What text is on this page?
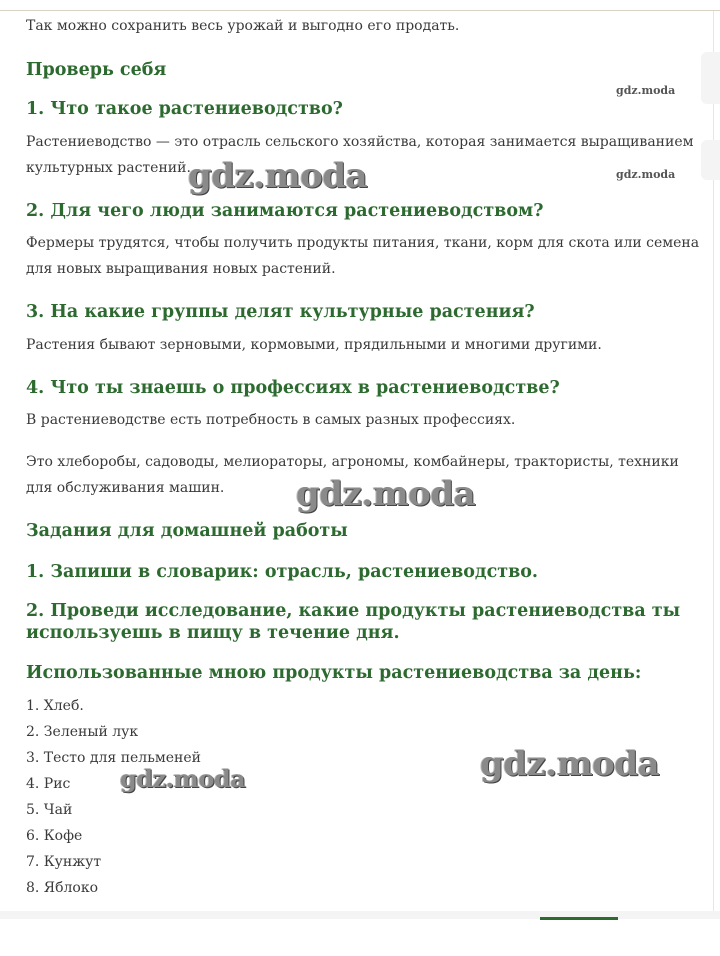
Так можно сохранить весь урожай и выгодно его продать.

Проверь себя
1. Что такое растениеводство?

Растениеводство — это отрасль сельского хозяйства, которая занимается выращиванием

культурных растений.

2. Для чего люди занимаются растениеводством?

Фермеры трудятся, чтобы получить продукты питания, ткани, корм для скота или семена

для новых выращивания новых растений.

3. На какие группы делят культурные растения?

Растения бывают зерновыми, кормовыми, прядильными и многими другими.

4. Что ты знаешь о профессиях в растениеводстве?

В растениеводстве есть потребность в самых разных профессиях.

Это хлеборобы, садоводы, мелиораторы, агрономы, комбайнеры, трактористы, техники

для обслуживания машин.

Задания для домашней работы
1. Запиши в словарик: отрасль, растениеводство.
2. Проведи исследование, какие продукты растениеводства ты используешь в пищу в течение дня.
Использованные мною продукты растениеводства за день:
1. Хлеб.
2. Зеленый лук
3. Тесто для пельменей
4. Рис
5. Чай
6. Кофе
7. Кунжут
8. Яблоко
gdz.moda
gdz.moda
gdz.moda
gdz.moda
gdz.moda	gdz.moda
